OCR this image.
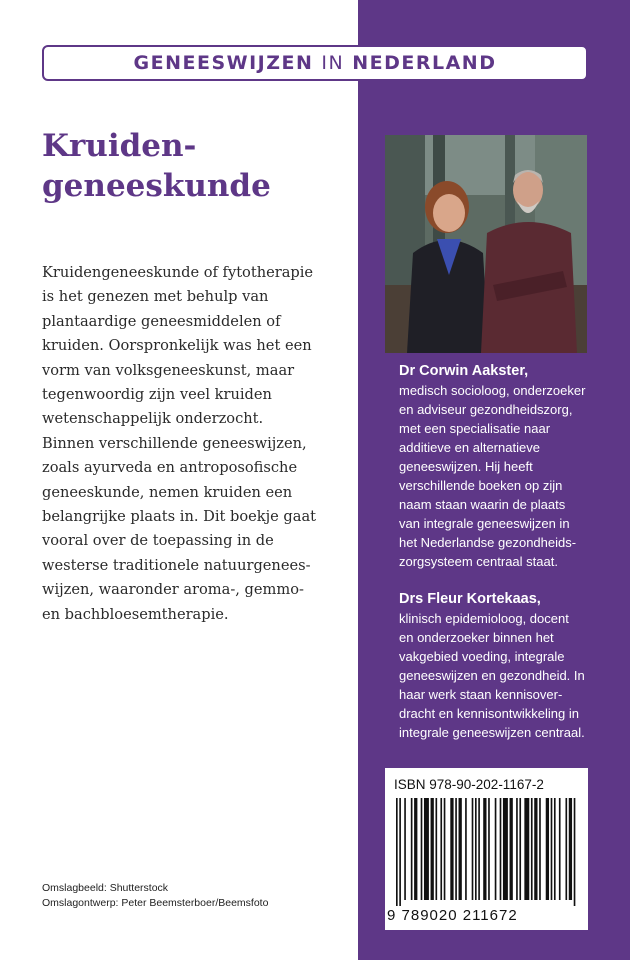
GENEESWIJZEN IN NEDERLAND
Kruiden-
geneeskunde
Kruidengeneeskunde of fytotherapie
is het genezen met behulp van
plantaardige geneesmiddelen of
kruiden. Oorspronkelijk was het een
vorm van volksgeneeskunst, maar
tegenwoordig zijn veel kruiden
wetenschappelijk onderzocht.
Binnen verschillende geneeswijzen,
zoals ayurveda en antroposofische
geneeskunde, nemen kruiden een
belangrijke plaats in. Dit boekje gaat
vooral over de toepassing in de
westerse traditionele natuurgenees-
wijzen, waaronder aroma-, gemmo-
en bachbloesemtherapie.
Omslagbeeld: Shutterstock
Omslagontwerp: Peter Beemsterboer/Beemsfoto
Dr Corwin Aakster,
medisch socioloog, onderzoeker
en adviseur gezondheidszorg,
met een specialisatie naar
additieve en alternatieve
geneeswijzen. Hij heeft
verschillende boeken op zijn
naam staan waarin de plaats
van integrale geneeswijzen in
het Nederlandse gezondheids-
zorgsysteem centraal staat.
Drs Fleur Kortekaas,
klinisch epidemioloog, docent
en onderzoeker binnen het
vakgebied voeding, integrale
geneeswijzen en gezondheid. In
haar werk staan kennisover-
dracht en kennisontwikkeling in
integrale geneeswijzen centraal.
ISBN 978-90-202-1167-2
9 789020 211672
